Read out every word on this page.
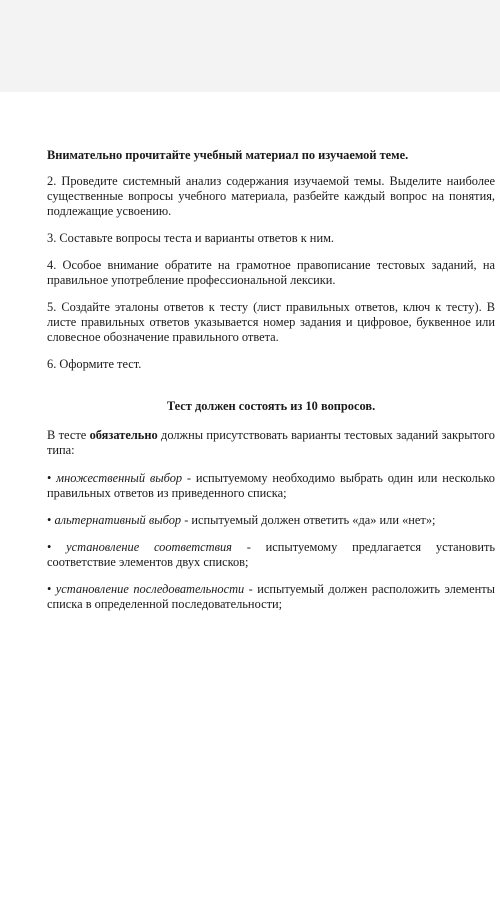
Внимательно прочитайте учебный материал по изучаемой теме.

2. Проведите системный анализ содержания изучаемой темы. Выделите наиболее существенные вопросы учебного материала, разбейте каждый вопрос на понятия, подлежащие усвоению.

3. Составьте вопросы теста и варианты ответов к ним.

4. Особое внимание обратите на грамотное правописание тестовых заданий, на правильное употребление профессиональной лексики.

5. Создайте эталоны ответов к тесту (лист правильных ответов, ключ к тесту). В листе правильных ответов указывается номер задания и цифровое, буквенное или словесное обозначение правильного ответа.

6. Оформите тест.

Тест должен состоять из 10 вопросов.

В тесте обязательно должны присутствовать варианты тестовых заданий закрытого типа:

• множественный выбор - испытуемому необходимо выбрать один или несколько правильных ответов из приведенного списка;

• альтернативный выбор - испытуемый должен ответить «да» или «нет»;

• установление соответствия - испытуемому предлагается установить соответствие элементов двух списков;

• установление последовательности - испытуемый должен расположить элементы списка в определенной последовательности;
